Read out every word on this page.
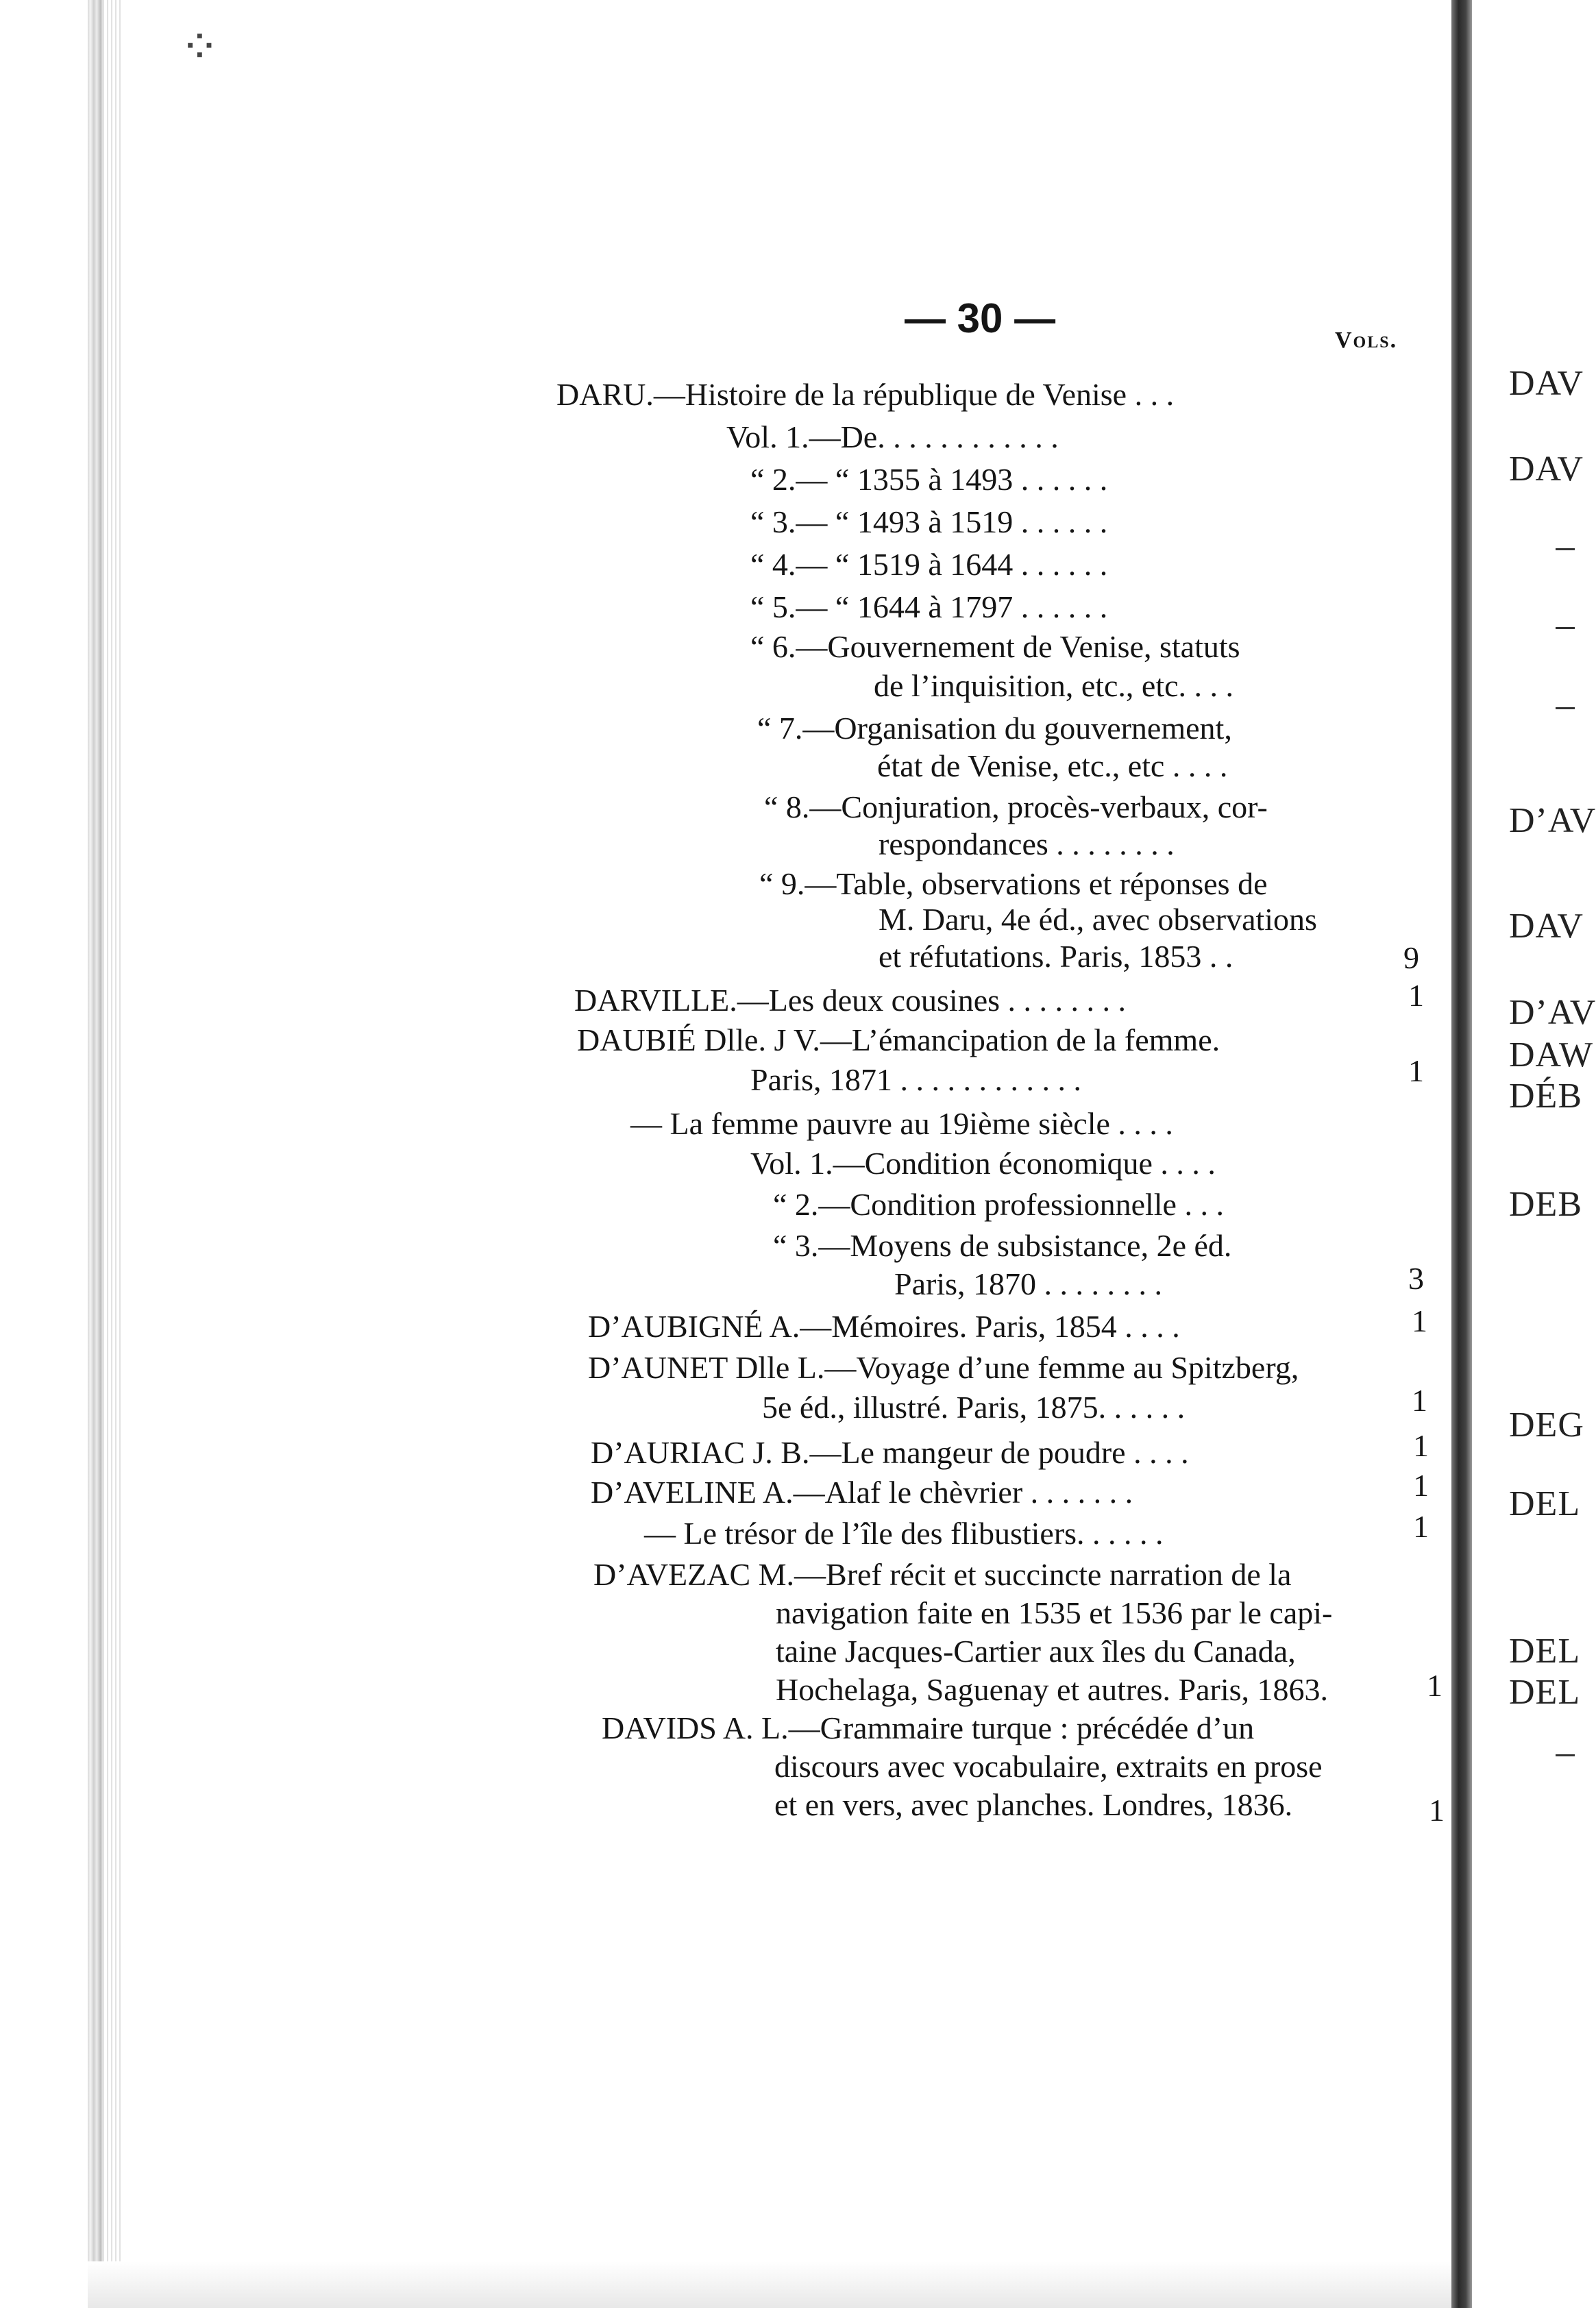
⁘
DAV
DAV
D’AV
DAV
D’AV
DAW
DÉB
DEB
DEG
DEL
DEL
DEL
— 30 —	Vols.
DARU.—Histoire de la république de Venise . . .
Vol. 1.—De. . . . . . . . . . . .
“ 2.— “ 1355 à 1493 . . . . . .
“ 3.— “ 1493 à 1519 . . . . . .
“ 4.— “ 1519 à 1644 . . . . . .
“ 5.— “ 1644 à 1797 . . . . . .
“ 6.—Gouvernement de Venise, statuts
de l’inquisition, etc., etc. . . .
“ 7.—Organisation du gouvernement,
état de Venise, etc., etc . . . .
“ 8.—Conjuration, procès-verbaux, cor-
respondances . . . . . . . .
“ 9.—Table, observations et réponses de
M. Daru, 4e éd., avec observations
et réfutations. Paris, 1853 . .	9
DARVILLE.—Les deux cousines . . . . . . . .	1
DAUBIÉ Dlle. J V.—L’émancipation de la femme.
Paris, 1871 . . . . . . . . . . . .	1
— La femme pauvre au 19ième siècle . . . .
Vol. 1.—Condition économique . . . .
“ 2.—Condition professionnelle . . .
“ 3.—Moyens de subsistance, 2e éd.
Paris, 1870 . . . . . . . .	3
D’AUBIGNÉ A.—Mémoires. Paris, 1854 . . . .	1
D’AUNET Dlle L.—Voyage d’une femme au Spitzberg,
5e éd., illustré. Paris, 1875. . . . . .	1
D’AURIAC J. B.—Le mangeur de poudre . . . .	1
D’AVELINE A.—Alaf le chèvrier . . . . . . .	1
— Le trésor de l’île des flibustiers. . . . . .	1
D’AVEZAC M.—Bref récit et succincte narration de la
navigation faite en 1535 et 1536 par le capi-
taine Jacques-Cartier aux îles du Canada,
Hochelaga, Saguenay et autres. Paris, 1863.	1
DAVIDS A. L.—Grammaire turque : précédée d’un
discours avec vocabulaire, extraits en prose
et en vers, avec planches. Londres, 1836.	1
